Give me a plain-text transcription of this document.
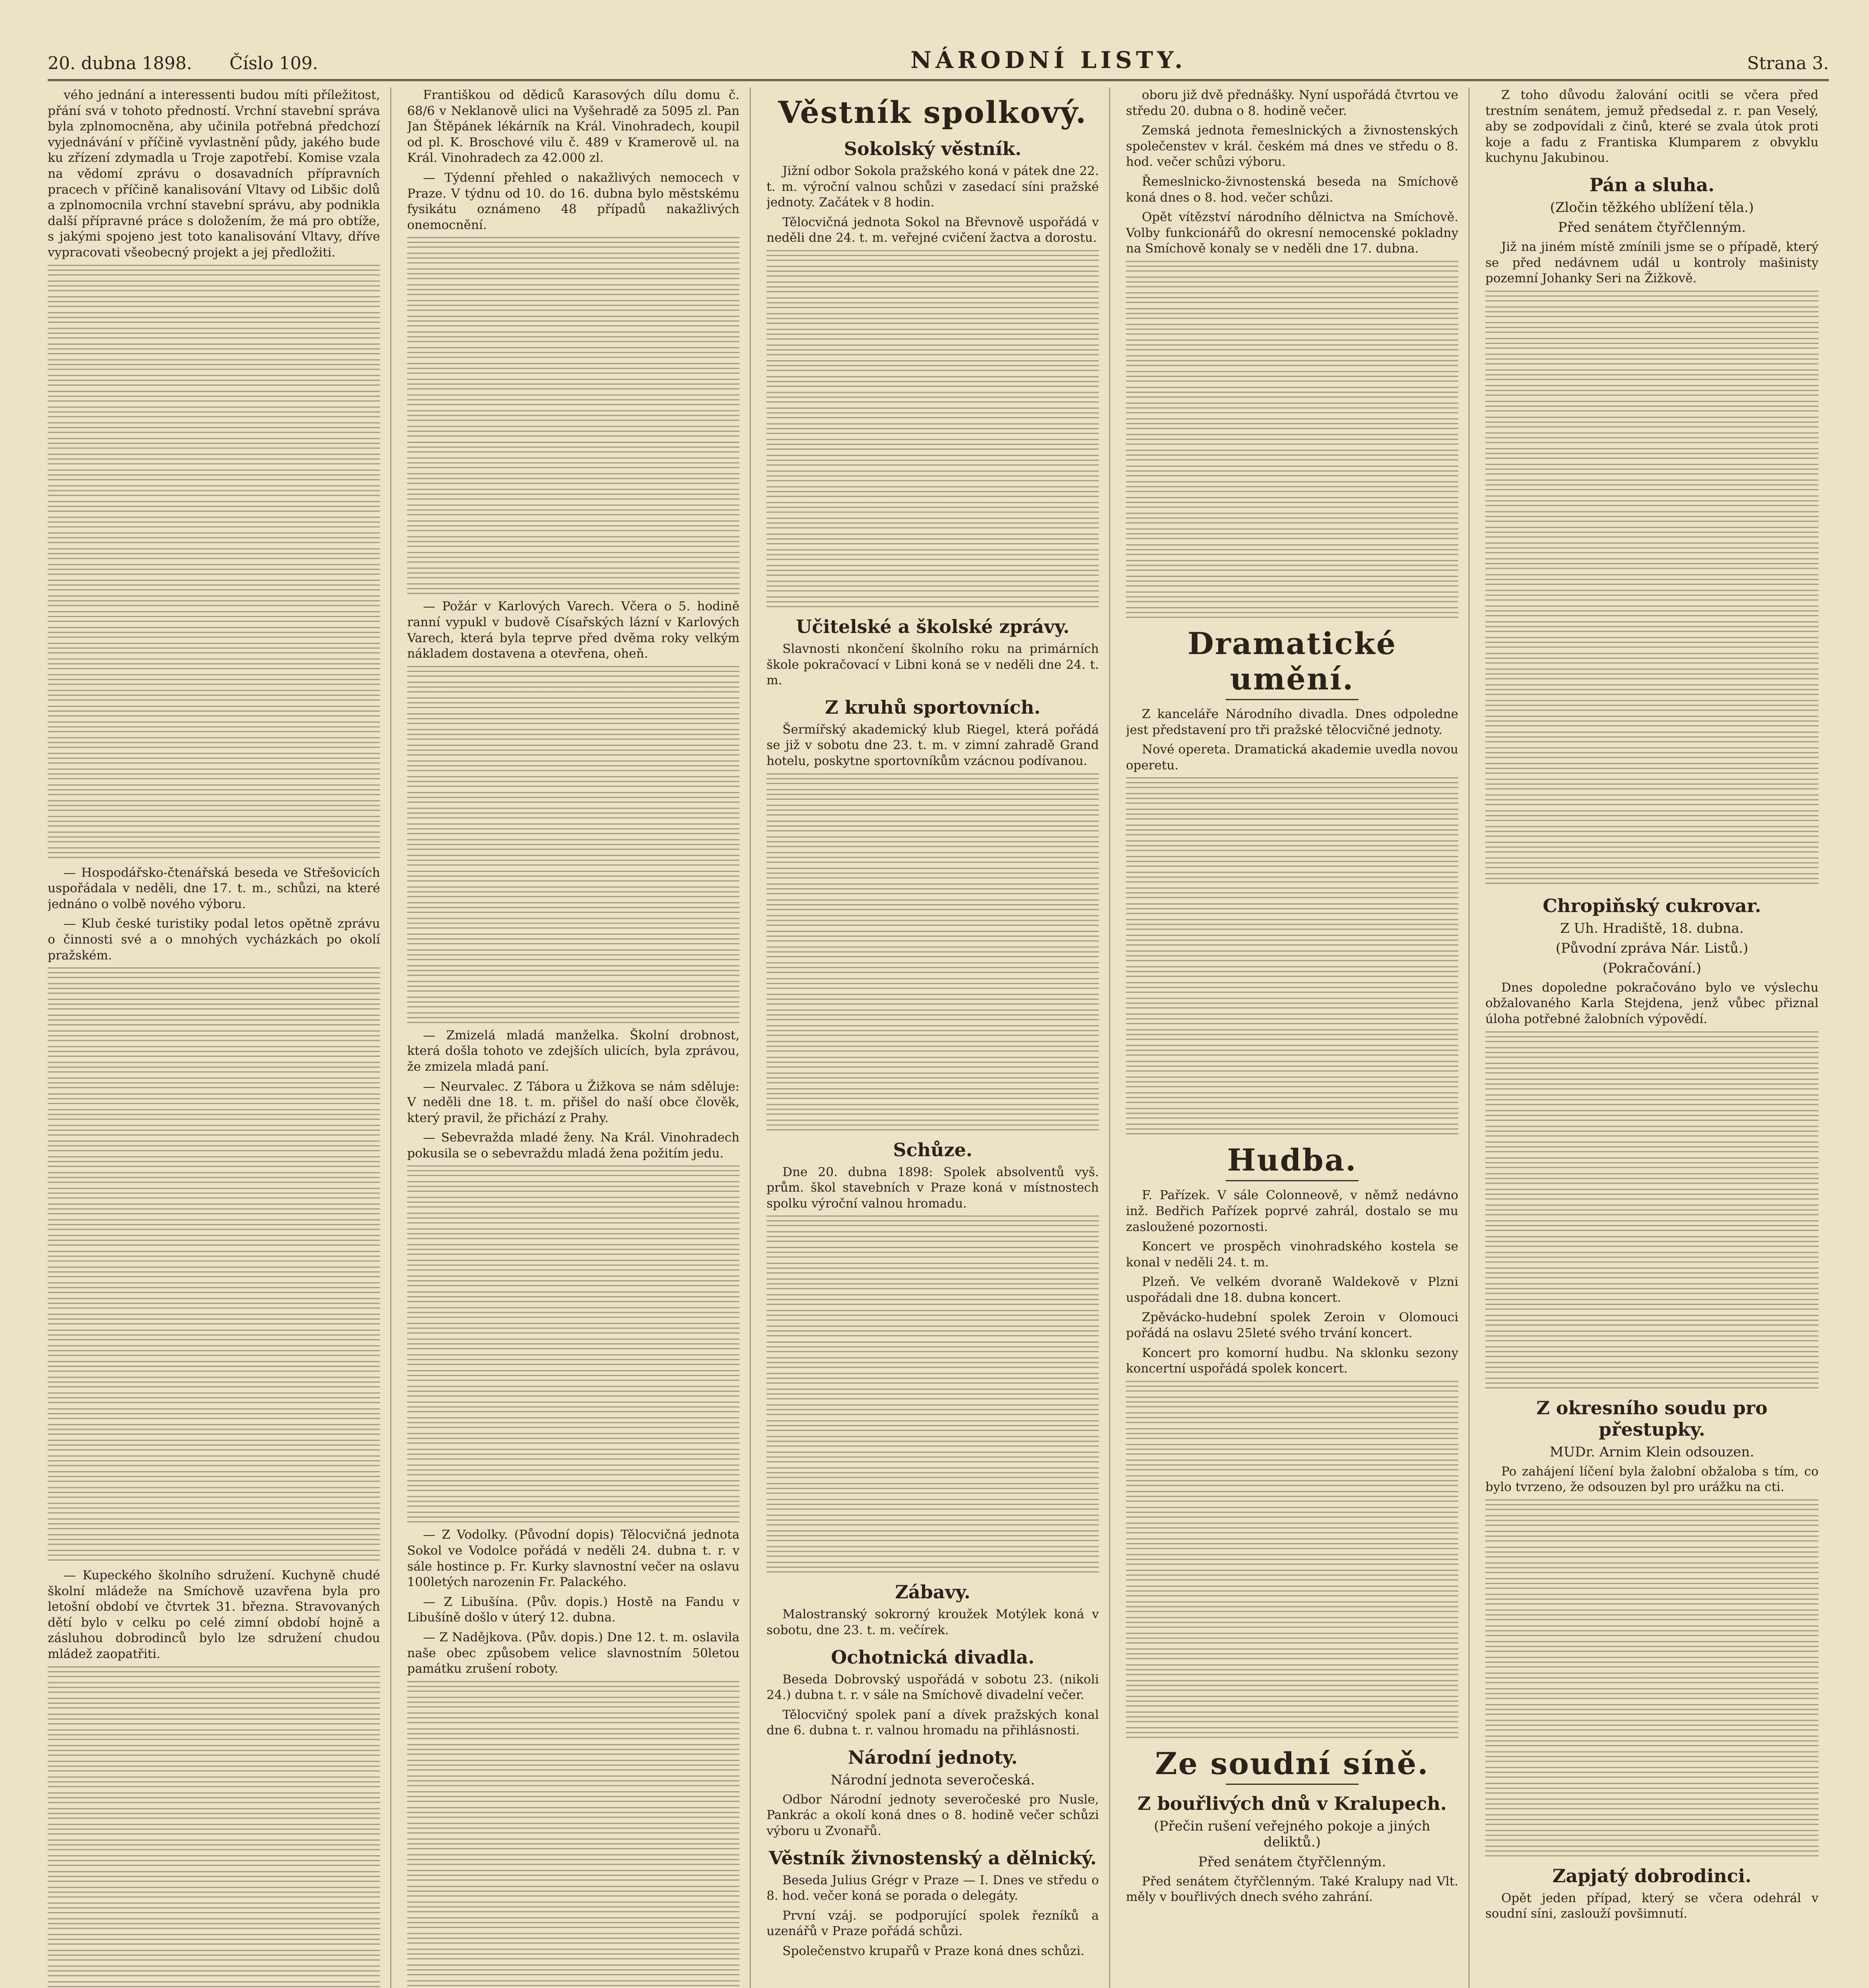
20. dubna 1898. Číslo 109.	NÁRODNÍ LISTY.	Strana 3.

vého jednání a interessenti budou míti příležitost, přání svá v tohoto předností. Vrchní stavební správa byla zplnomocněna, aby učinila potřebná předchozí vyjednávání v příčině vyvlastnění půdy, jakého bude ku zřízení zdymadla u Troje zapotřebí. Komise vzala na vědomí zprávu o dosavadních přípravních pracech v příčině kanalisování Vltavy od Libšic dolů a zplnomocnila vrchní stavební správu, aby podnikla další přípravné práce s doložením, že má pro obtíže, s jakými spojeno jest toto kanalisování Vltavy, dříve vypracovati všeobecný projekt a jej předložiti.

— Hospodářsko-čtenářská beseda ve Střešovicích uspořádala v neděli, dne 17. t. m., schůzi, na které jednáno o volbě nového výboru.

— Klub české turistiky podal letos opětně zprávu o činnosti své a o mnohých vycházkách po okolí pražském.

— Kupeckého školního sdružení. Kuchyně chudé školní mládeže na Smíchově uzavřena byla pro letošní období ve čtvrtek 31. března. Stravovaných dětí bylo v celku po celé zimní období hojně a zásluhou dobrodinců bylo lze sdružení chudou mládež zaopatřiti.

Františkou od dědiců Karasových dílu domu č. 68/6 v Neklanově ulici na Vyšehradě za 5095 zl. Pan Jan Štěpánek lékárník na Král. Vinohradech, koupil od pl. K. Broschové vilu č. 489 v Kramerově ul. na Král. Vinohradech za 42.000 zl.

— Týdenní přehled o nakažlivých nemocech v Praze. V týdnu od 10. do 16. dubna bylo městskému fysikátu oznámeno 48 případů nakažlivých onemocnění.

— Požár v Karlových Varech. Včera o 5. hodině ranní vypukl v budově Císařských lázní v Karlových Varech, která byla teprve před dvěma roky velkým nákladem dostavena a otevřena, oheň.

— Zmizelá mladá manželka. Školní drobnost, která došla tohoto ve zdejších ulicích, byla zprávou, že zmizela mladá paní.

— Neurvalec. Z Tábora u Žižkova se nám sděluje: V neděli dne 18. t. m. přišel do naší obce člověk, který pravil, že přichází z Prahy.

— Sebevražda mladé ženy. Na Král. Vinohradech pokusila se o sebevraždu mladá žena požitím jedu.

— Z Vodolky. (Původní dopis) Tělocvičná jednota Sokol ve Vodolce pořádá v neděli 24. dubna t. r. v sále hostince p. Fr. Kurky slavnostní večer na oslavu 100letých narozenin Fr. Palackého.

— Z Libušína. (Pův. dopis.) Hostě na Fandu v Libušíně došlo v úterý 12. dubna.

— Z Nadějkova. (Pův. dopis.) Dne 12. t. m. oslavila naše obec způsobem velice slavnostním 50letou památku zrušení roboty.

Věstník spolkový.
Sokolský věstník.

Jižní odbor Sokola pražského koná v pátek dne 22. t. m. výroční valnou schůzi v zasedací síni pražské jednoty. Začátek v 8 hodin.

Tělocvičná jednota Sokol na Břevnově uspořádá v neděli dne 24. t. m. veřejné cvičení žactva a dorostu.

Učitelské a školské zprávy.

Slavnosti nkončení školního roku na primárních škole pokračovací v Libni koná se v neděli dne 24. t. m.

Z kruhů sportovních.

Šermířský akademický klub Riegel, která pořádá se již v sobotu dne 23. t. m. v zimní zahradě Grand hotelu, poskytne sportovníkům vzácnou podívanou.

Schůze.

Dne 20. dubna 1898: Spolek absolventů vyš. prům. škol stavebních v Praze koná v místnostech spolku výroční valnou hromadu.

Zábavy.

Malostranský sokrorný kroužek Motýlek koná v sobotu, dne 23. t. m. večírek.

Ochotnická divadla.

Beseda Dobrovský uspořádá v sobotu 23. (nikoli 24.) dubna t. r. v sále na Smíchově divadelní večer.

Tělocvičný spolek paní a dívek pražských konal dne 6. dubna t. r. valnou hromadu na přihlásnosti.

Národní jednoty.
Národní jednota severočeská.

Odbor Národní jednoty severočeské pro Nusle, Pankrác a okolí koná dnes o 8. hodině večer schůzi výboru u Zvonařů.

Věstník živnostenský a dělnický.

Beseda Julius Grégr v Praze — I. Dnes ve středu o 8. hod. večer koná se porada o delegáty.

První vzáj. se podporující spolek řezníků a uzenářů v Praze pořádá schůzi.

Společenstvo krupařů v Praze koná dnes schůzi.

oboru již dvě přednášky. Nyní uspořádá čtvrtou ve středu 20. dubna o 8. hodině večer.

Zemská jednota řemeslnických a živnostenských společenstev v král. českém má dnes ve středu o 8. hod. večer schůzi výboru.

Řemeslnicko-živnostenská beseda na Smíchově koná dnes o 8. hod. večer schůzi.

Opět vítězství národního dělnictva na Smíchově. Volby funkcionářů do okresní nemocenské pokladny na Smíchově konaly se v neděli dne 17. dubna.

Dramatické umění.

Z kanceláře Národního divadla. Dnes odpoledne jest představení pro tři pražské tělocvičné jednoty.

Nové opereta. Dramatická akademie uvedla novou operetu.

Hudba.

F. Pařízek. V sále Colonneově, v němž nedávno inž. Bedřich Pařízek poprvé zahrál, dostalo se mu zasloužené pozornosti.

Koncert ve prospěch vinohradského kostela se konal v neděli 24. t. m.

Plzeň. Ve velkém dvoraně Waldekově v Plzni uspořádali dne 18. dubna koncert.

Zpěvácko-hudební spolek Zeroin v Olomouci pořádá na oslavu 25leté svého trvání koncert.

Koncert pro komorní hudbu. Na sklonku sezony koncertní uspořádá spolek koncert.

Ze soudní síně.
Z bouřlivých dnů v Kralupech.
(Přečin rušení veřejného pokoje a jiných deliktů.)
Před senátem čtyřčlenným.

Před senátem čtyřčlenným. Také Kralupy nad Vlt. měly v bouřlivých dnech svého zahrání.

Z toho důvodu žalování ocitli se včera před trestním senátem, jemuž předsedal z. r. pan Veselý, aby se zodpovídali z činů, které se zvala útok proti koje a fadu z Frantiska Klumparem z obvyklu kuchynu Jakubinou.

Pán a sluha.
(Zločin těžkého ublížení těla.)
Před senátem čtyřčlenným.

Již na jiném místě zmínili jsme se o případě, který se před nedávnem udál u kontroly mašinisty pozemní Johanky Seri na Žižkově.

Chropiňský cukrovar.
Z Uh. Hradiště, 18. dubna.
(Původní zpráva Nár. Listů.)
(Pokračování.)

Dnes dopoledne pokračováno bylo ve výslechu obžalovaného Karla Stejdena, jenž vůbec přiznal úloha potřebné žalobních výpovědí.

Z okresního soudu pro přestupky.
MUDr. Arnim Klein odsouzen.

Po zahájení líčení byla žalobní obžaloba s tím, co bylo tvrzeno, že odsouzen byl pro urážku na cti.

Zapjatý dobrodinci.

Opět jeden případ, který se včera odehrál v soudní síni, zaslouží povšimnutí.
